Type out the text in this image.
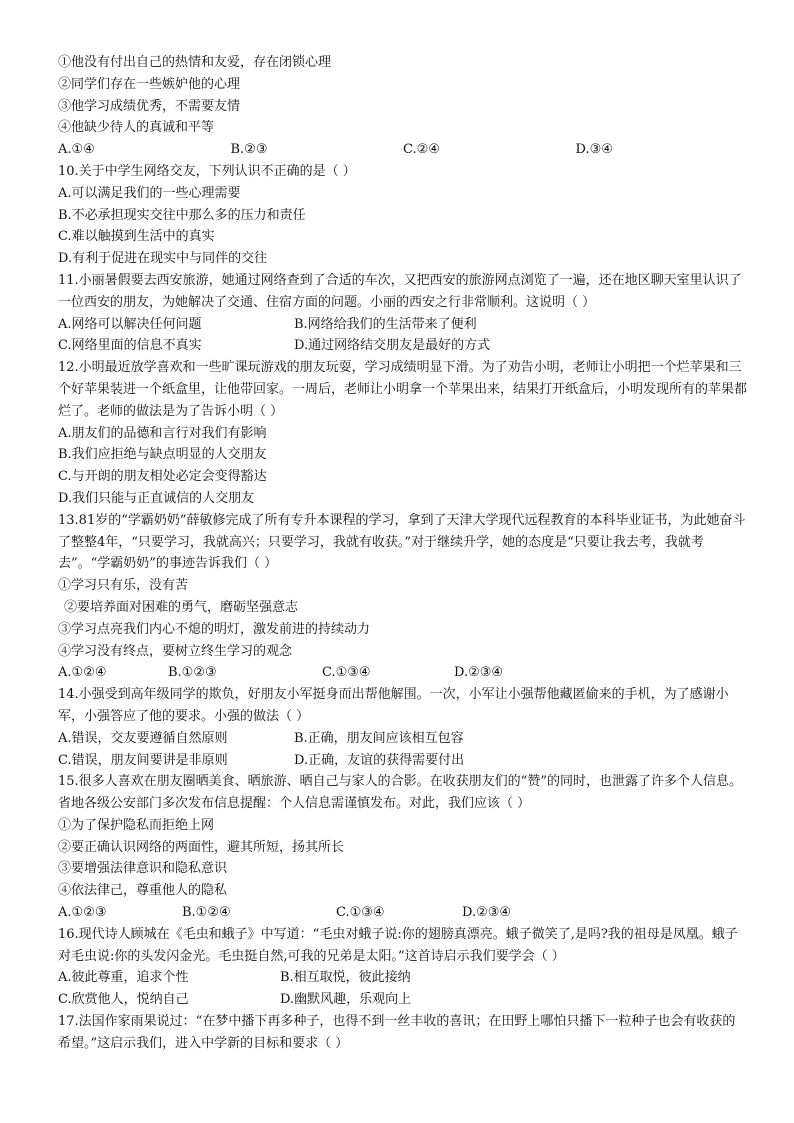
①他没有付出自己的热情和友爱，存在闭锁心理
②同学们存在一些嫉妒他的心理
③他学习成绩优秀，不需要友情
④他缺少待人的真诚和平等
A.①④	B.②③	C.②④	D.③④
10.关于中学生网络交友，下列认识不正确的是（ ）
A.可以满足我们的一些心理需要
B.不必承担现实交往中那么多的压力和责任
C.难以触摸到生活中的真实
D.有利于促进在现实中与同伴的交往
11.小丽暑假要去西安旅游，她通过网络查到了合适的车次，又把西安的旅游网点浏览了一遍，还在地区聊天室里认识了一位西安的朋友，为她解决了交通、住宿方面的问题。小丽的西安之行非常顺利。这说明（ ）
A.网络可以解决任何问题	B.网络给我们的生活带来了便利
C.网络里面的信息不真实	D.通过网络结交朋友是最好的方式
12.小明最近放学喜欢和一些旷课玩游戏的朋友玩耍，学习成绩明显下滑。为了劝告小明，老师让小明把一个烂苹果和三个好苹果装进一个纸盒里，让他带回家。一周后，老师让小明拿一个苹果出来，结果打开纸盒后，小明发现所有的苹果都烂了。老师的做法是为了告诉小明（ ）
A.朋友们的品德和言行对我们有影响
B.我们应拒绝与缺点明显的人交朋友
C.与开朗的朋友相处必定会变得豁达
D.我们只能与正直诚信的人交朋友
13.81岁的“学霸奶奶”薛敏修完成了所有专升本课程的学习，拿到了天津大学现代远程教育的本科毕业证书，为此她奋斗了整整4年，“只要学习，我就高兴；只要学习，我就有收获。”对于继续升学，她的态度是“只要让我去考，我就考去”。“学霸奶奶”的事迹告诉我们（ ）
①学习只有乐，没有苦
②要培养面对困难的勇气，磨砺坚强意志
③学习点亮我们内心不熄的明灯，激发前进的持续动力
④学习没有终点，要树立终生学习的观念
A.①②④	B.①②③	C.①③④	D.②③④
14.小强受到高年级同学的欺负，好朋友小军挺身而出帮他解围。一次，小军让小强帮他藏匿偷来的手机，为了感谢小军，小强答应了他的要求。小强的做法（ ）
A.错误，交友要遵循自然原则	B.正确，朋友间应该相互包容
C.错误，朋友间要讲是非原则	D.正确，友谊的获得需要付出
15.很多人喜欢在朋友圈晒美食、晒旅游、晒自己与家人的合影。在收获朋友们的“赞”的同时，也泄露了许多个人信息。省地各级公安部门多次发布信息提醒：个人信息需谨慎发布。对此，我们应该（ ）
①为了保护隐私而拒绝上网
②要正确认识网络的两面性，避其所短，扬其所长
③要增强法律意识和隐私意识
④依法律己，尊重他人的隐私
A.①②③	B.①②④	C.①③④	D.②③④
16.现代诗人顾城在《毛虫和蛾子》中写道：“毛虫对蛾子说:你的翅膀真漂亮。蛾子微笑了,是吗?我的祖母是凤凰。蛾子对毛虫说:你的头发闪金光。毛虫挺自然,可我的兄弟是太阳。”这首诗启示我们要学会（ ）
A.彼此尊重，追求个性	B.相互取悦，彼此接纳
C.欣赏他人，悦纳自己	D.幽默风趣，乐观向上
17.法国作家雨果说过：“在梦中播下再多种子，也得不到一丝丰收的喜讯；在田野上哪怕只播下一粒种子也会有收获的希望。”这启示我们，进入中学新的目标和要求（ ）
